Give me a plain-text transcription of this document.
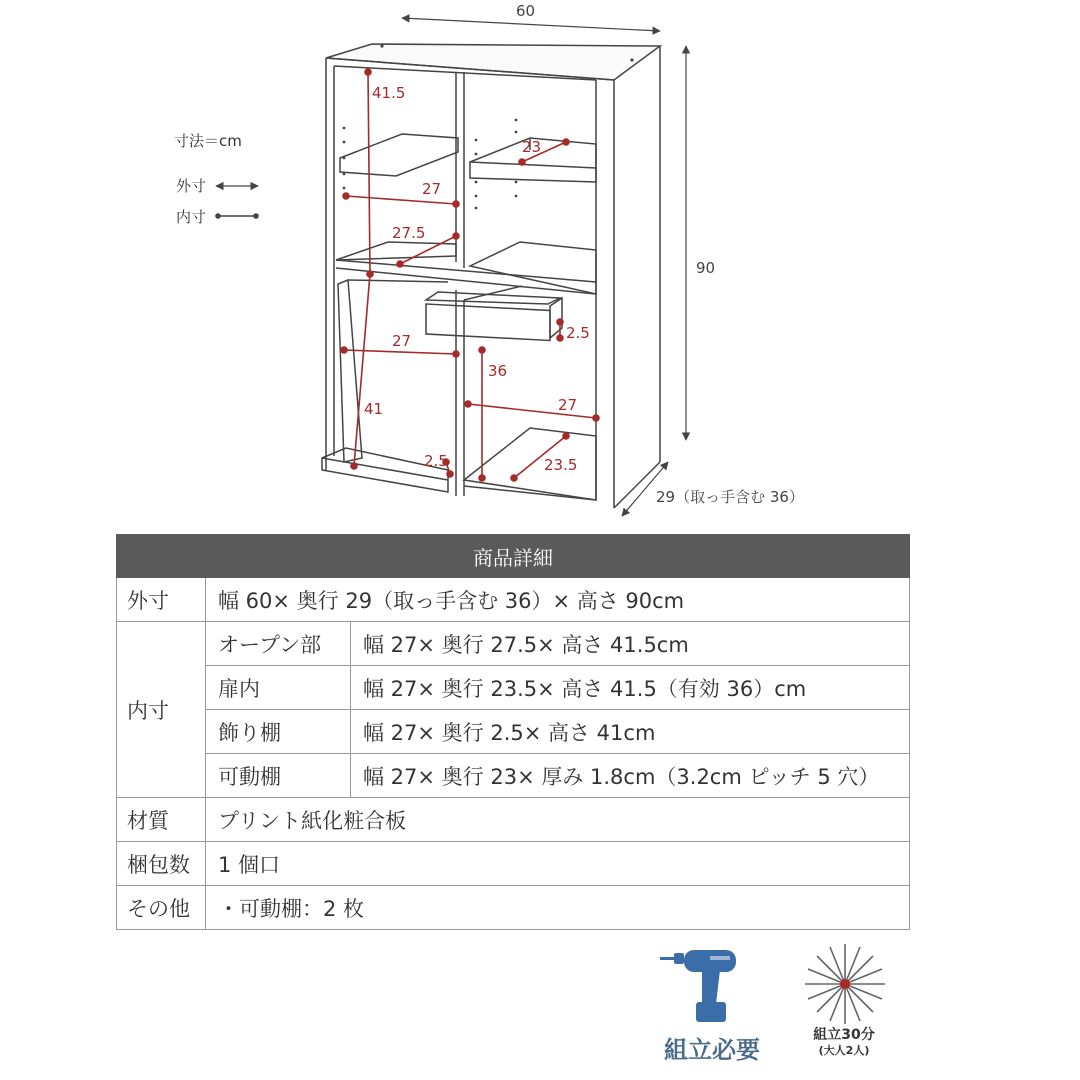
60
90
29（取っ手含む 36）
41.5
23
27
27.5
27	2.5
36
41	27
2.5	23.5
寸法＝cm
外寸
内寸
商品詳細		
外寸	幅 60× 奥行 29（取っ手含む 36）× 高さ 90cm	
内寸	オープン部	幅 27× 奥行 27.5× 高さ 41.5cm
	扉内	幅 27× 奥行 23.5× 高さ 41.5（有効 36）cm
	飾り棚	幅 27× 奥行 2.5× 高さ 41cm
	可動棚	幅 27× 奥行 23× 厚み 1.8cm（3.2cm ピッチ 5 穴）
材質	プリント紙化粧合板	
梱包数	1 個口	
その他	・可動棚：2 枚	
組立必要
組立30分
(大人2人)
